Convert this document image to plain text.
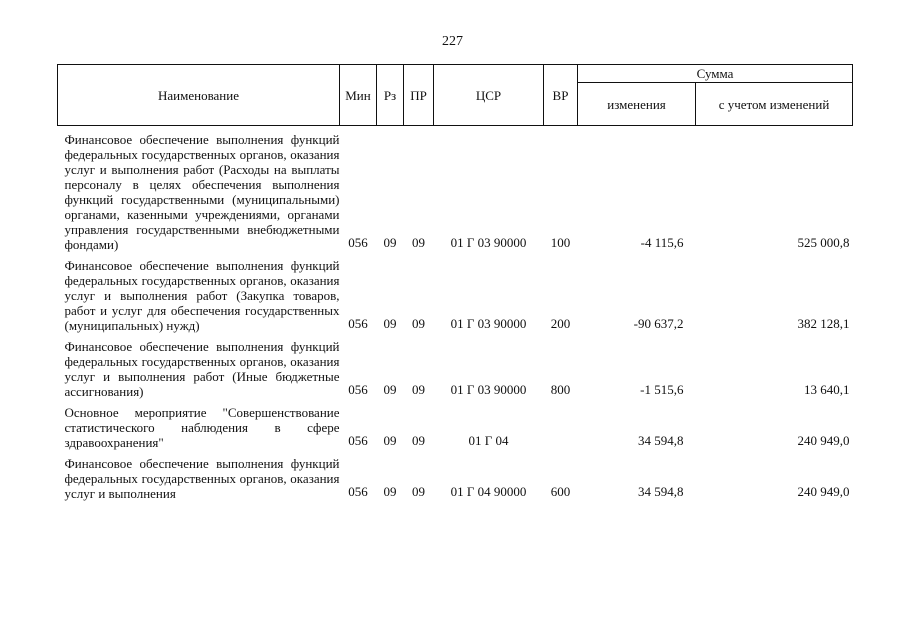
227
Наименование	Мин	Рз	ПР	ЦСР	ВР	Сумма	
						изменения	с учетом изменений
Финансовое обеспечение выполнения функций федеральных государственных органов, оказания услуг и выполнения работ (Расходы на выплаты персоналу в целях обеспечения выполнения функций государственными (муниципальными) органами, казенными учреждениями, органами управления государственными внебюджетными фондами)	056	09	09	01 Г 03 90000	100	-4 115,6	525 000,8
Финансовое обеспечение выполнения функций федеральных государственных органов, оказания услуг и выполнения работ (Закупка товаров, работ и услуг для обеспечения государственных (муниципальных) нужд)	056	09	09	01 Г 03 90000	200	-90 637,2	382 128,1
Финансовое обеспечение выполнения функций федеральных государственных органов, оказания услуг и выполнения работ (Иные бюджетные ассигнования)	056	09	09	01 Г 03 90000	800	-1 515,6	13 640,1
Основное мероприятие "Совершенствование статистического наблюдения в сфере здравоохранения"	056	09	09	01 Г 04		34 594,8	240 949,0
Финансовое обеспечение выполнения функций федеральных государственных органов, оказания услуг и выполнения	056	09	09	01 Г 04 90000	600	34 594,8	240 949,0
